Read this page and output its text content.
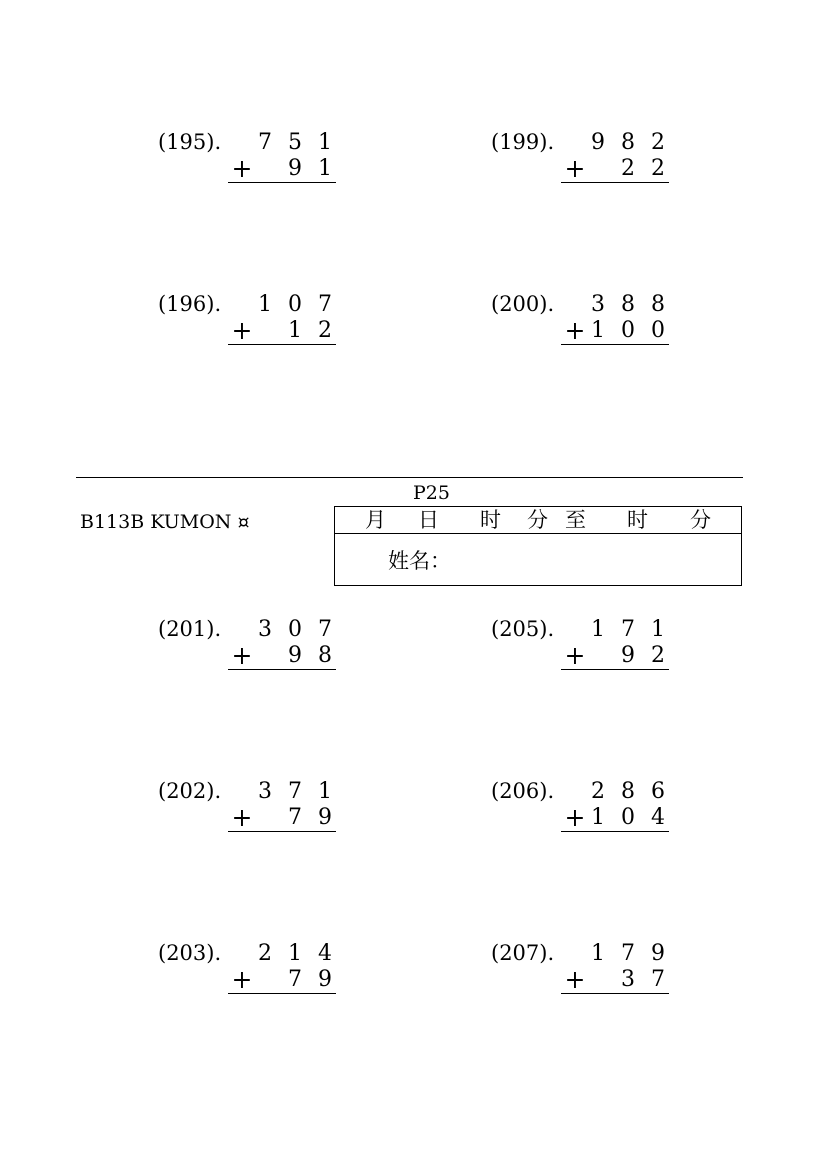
(195). 7 5 1
+ 9 1
(199). 9 8 2
+ 2 2
(196). 1 0 7
+ 1 2
(200). 3 8 8
+ 1 0 0
P25
B113B KUMON ¤	月 日 时 分 至 时 分
姓名：
(201). 3 0 7
+ 9 8
(205). 1 7 1
+ 9 2
(202). 3 7 1
+ 7 9
(206). 2 8 6
+ 1 0 4
(203). 2 1 4
+ 7 9
(207). 1 7 9
+ 3 7
